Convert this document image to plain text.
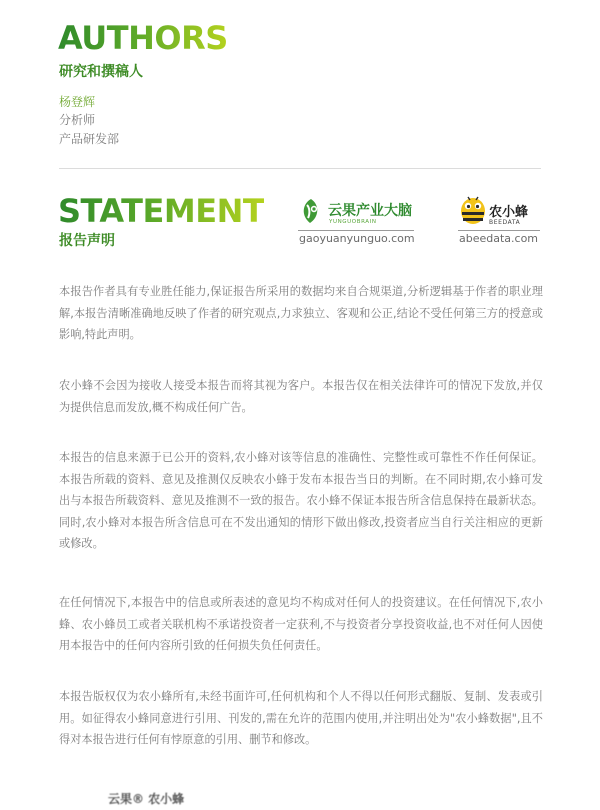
AUTHORS
研究和撰稿人
杨登辉
分析师
产品研发部
STATEMENT
报告声明
云果产业大脑
YUNGUOBRAIN
gaoyuanyunguo.com
农小蜂
BEEDATA
abeedata.com

本报告作者具有专业胜任能力,保证报告所采用的数据均来自合规渠道,分析逻辑基于作者的职业理解,本报告清晰准确地反映了作者的研究观点,力求独立、客观和公正,结论不受任何第三方的授意或影响,特此声明。

农小蜂不会因为接收人接受本报告而将其视为客户。本报告仅在相关法律许可的情况下发放,并仅为提供信息而发放,概不构成任何广告。

本报告的信息来源于已公开的资料,农小蜂对该等信息的准确性、完整性或可靠性不作任何保证。本报告所载的资料、意见及推测仅反映农小蜂于发布本报告当日的判断。在不同时期,农小蜂可发出与本报告所载资料、意见及推测不一致的报告。农小蜂不保证本报告所含信息保持在最新状态。同时,农小蜂对本报告所含信息可在不发出通知的情形下做出修改,投资者应当自行关注相应的更新或修改。

在任何情况下,本报告中的信息或所表述的意见均不构成对任何人的投资建议。在任何情况下,农小蜂、农小蜂员工或者关联机构不承诺投资者一定获利,不与投资者分享投资收益,也不对任何人因使用本报告中的任何内容所引致的任何损失负任何责任。

本报告版权仅为农小蜂所有,未经书面许可,任何机构和个人不得以任何形式翻版、复制、发表或引用。如征得农小蜂同意进行引用、刊发的,需在允许的范围内使用,并注明出处为"农小蜂数据",且不得对本报告进行任何有悖原意的引用、删节和修改。

云果® 农小蜂
